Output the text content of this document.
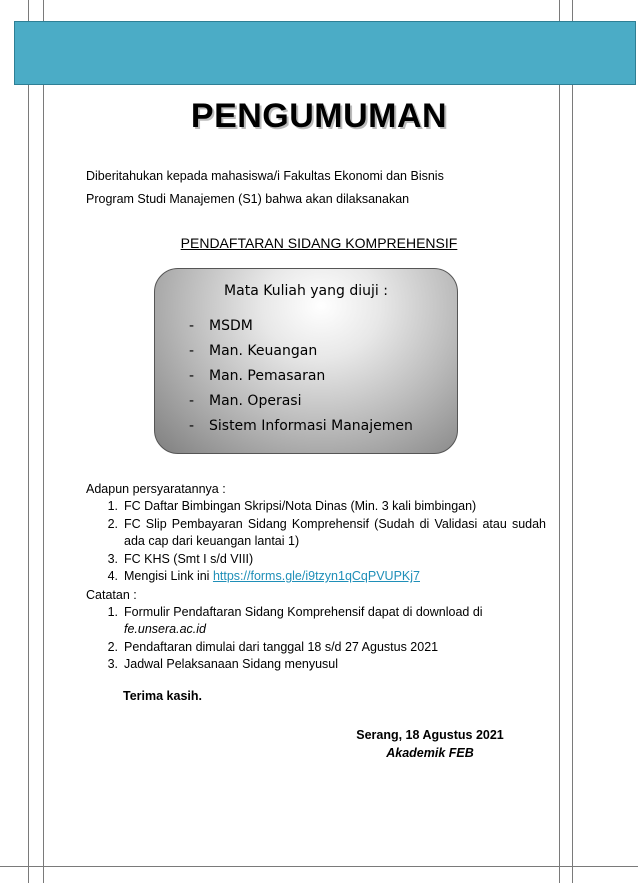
PENGUMUMAN
Diberitahukan kepada mahasiswa/i Fakultas Ekonomi dan Bisnis
Program Studi Manajemen (S1) bahwa akan dilaksanakan
PENDAFTARAN SIDANG KOMPREHENSIF
Mata Kuliah yang diuji :
-	MSDM
-	Man. Keuangan
-	Man. Pemasaran
-	Man. Operasi
-	Sistem Informasi Manajemen
Adapun persyaratannya :
1. FC Daftar Bimbingan Skripsi/Nota Dinas (Min. 3 kali bimbingan)
2. FC Slip Pembayaran Sidang Komprehensif (Sudah di Validasi atau sudah ada cap dari keuangan lantai 1)
3. FC KHS (Smt I s/d VIII)
4. Mengisi Link ini https://forms.gle/i9tzyn1qCqPVUPKj7
Catatan :
1. Formulir Pendaftaran Sidang Komprehensif dapat di download di
fe.unsera.ac.id
2. Pendaftaran dimulai dari tanggal 18 s/d 27 Agustus 2021
3. Jadwal Pelaksanaan Sidang menyusul
Terima kasih.
Serang, 18 Agustus 2021
Akademik FEB
